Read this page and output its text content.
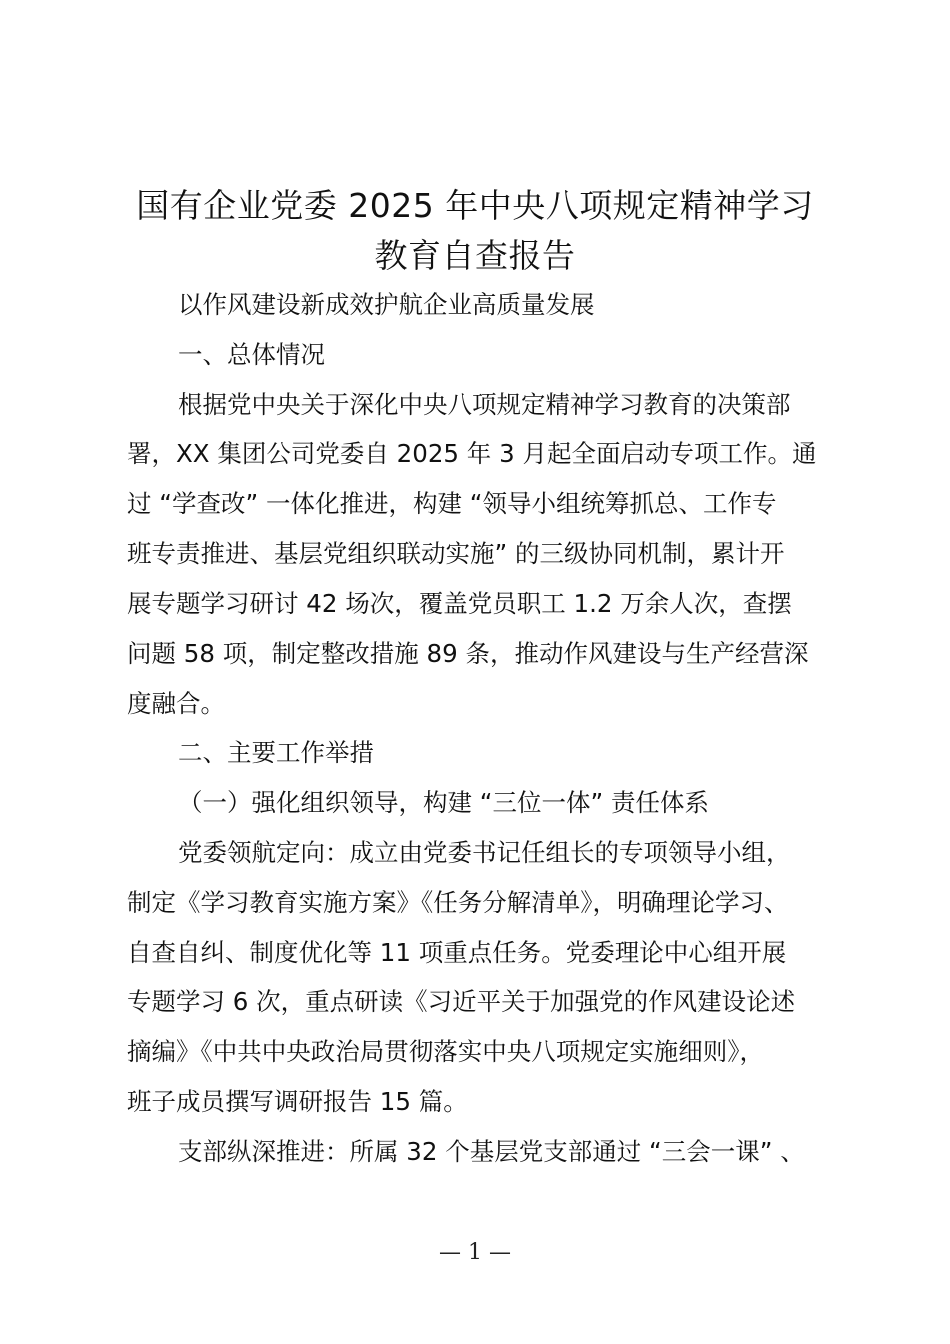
国有企业党委 2025 年中央八项规定精神学习
教育自查报告
以作风建设新成效护航企业高质量发展
一、总体情况
根据党中央关于深化中央八项规定精神学习教育的决策部
署，XX 集团公司党委自 2025 年 3 月起全面启动专项工作。通
过 “学查改” 一体化推进，构建 “领导小组统筹抓总、工作专
班专责推进、基层党组织联动实施” 的三级协同机制，累计开
展专题学习研讨 42 场次，覆盖党员职工 1.2 万余人次，查摆
问题 58 项，制定整改措施 89 条，推动作风建设与生产经营深
度融合。
二、主要工作举措
（一）强化组织领导，构建 “三位一体” 责任体系
党委领航定向：成立由党委书记任组长的专项领导小组，
制定《学习教育实施方案》《任务分解清单》，明确理论学习、
自查自纠、制度优化等 11 项重点任务。党委理论中心组开展
专题学习 6 次，重点研读《习近平关于加强党的作风建设论述
摘编》《中共中央政治局贯彻落实中央八项规定实施细则》，
班子成员撰写调研报告 15 篇。
支部纵深推进：所属 32 个基层党支部通过 “三会一课” 、
— 1 —
